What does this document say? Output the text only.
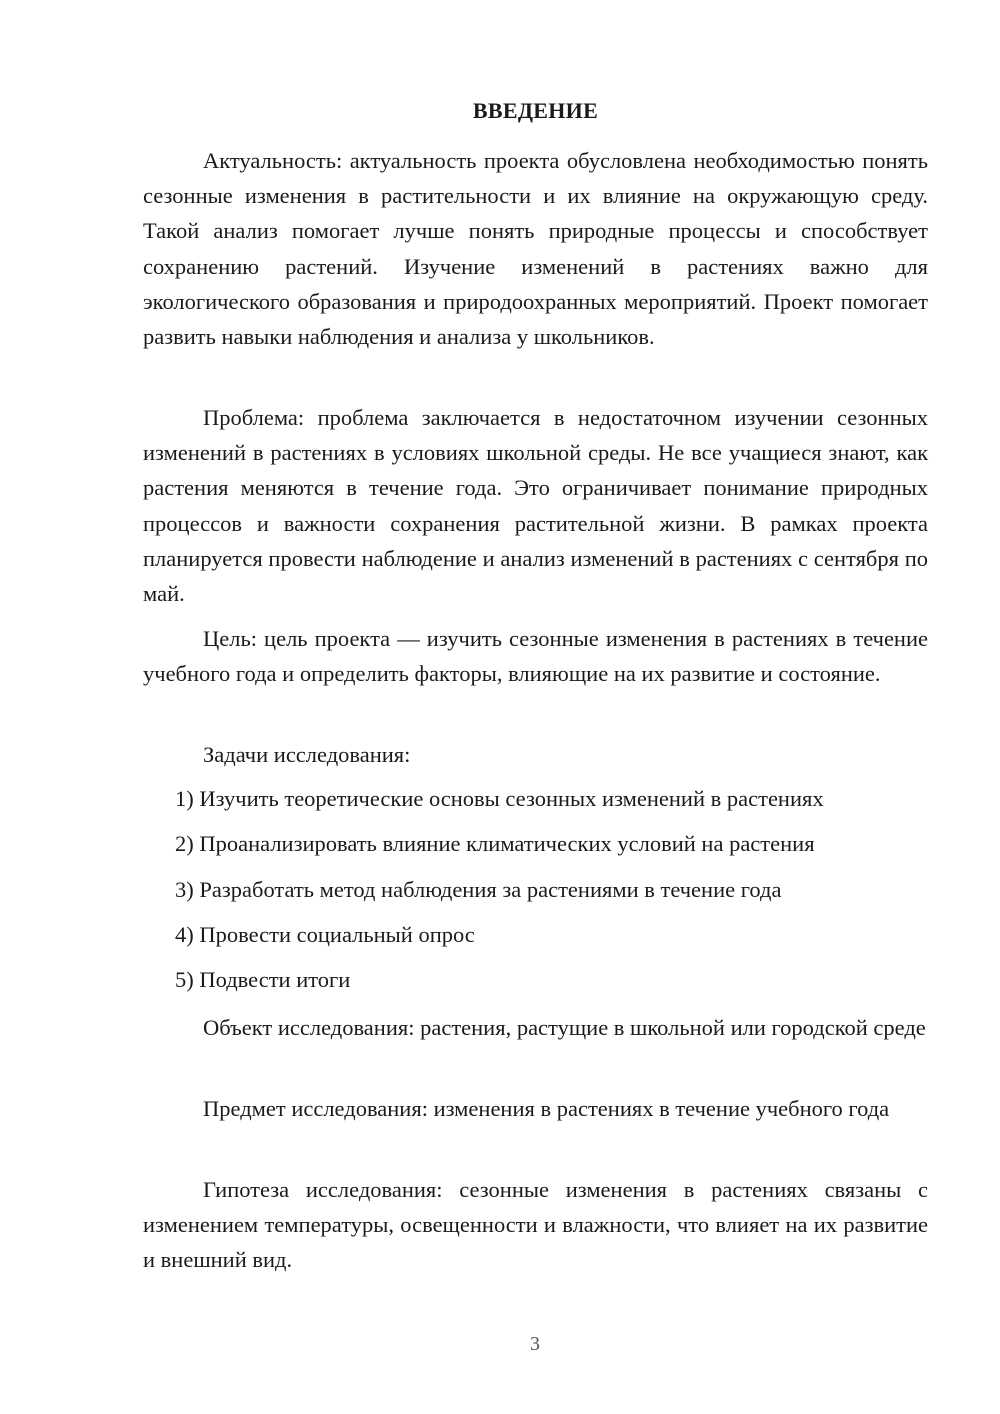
ВВЕДЕНИЕ

Актуальность: актуальность проекта обусловлена необходимостью понять сезонные изменения в растительности и их влияние на окружающую среду. Такой анализ помогает лучше понять природные процессы и способствует сохранению растений. Изучение изменений в растениях важно для экологического образования и природоохранных мероприятий. Проект помогает развить навыки наблюдения и анализа у школьников.

Проблема: проблема заключается в недостаточном изучении сезонных изменений в растениях в условиях школьной среды. Не все учащиеся знают, как растения меняются в течение года. Это ограничивает понимание природных процессов и важности сохранения растительной жизни. В рамках проекта планируется провести наблюдение и анализ изменений в растениях с сентября по май.

Цель: цель проекта — изучить сезонные изменения в растениях в течение учебного года и определить факторы, влияющие на их развитие и состояние.

Задачи исследования:

1) Изучить теоретические основы сезонных изменений в растениях
2) Проанализировать влияние климатических условий на растения
3) Разработать метод наблюдения за растениями в течение года
4) Провести социальный опрос
5) Подвести итоги

Объект исследования: растения, растущие в школьной или городской среде

Предмет исследования: изменения в растениях в течение учебного года

Гипотеза исследования: сезонные изменения в растениях связаны с изменением температуры, освещенности и влажности, что влияет на их развитие и внешний вид.

3
